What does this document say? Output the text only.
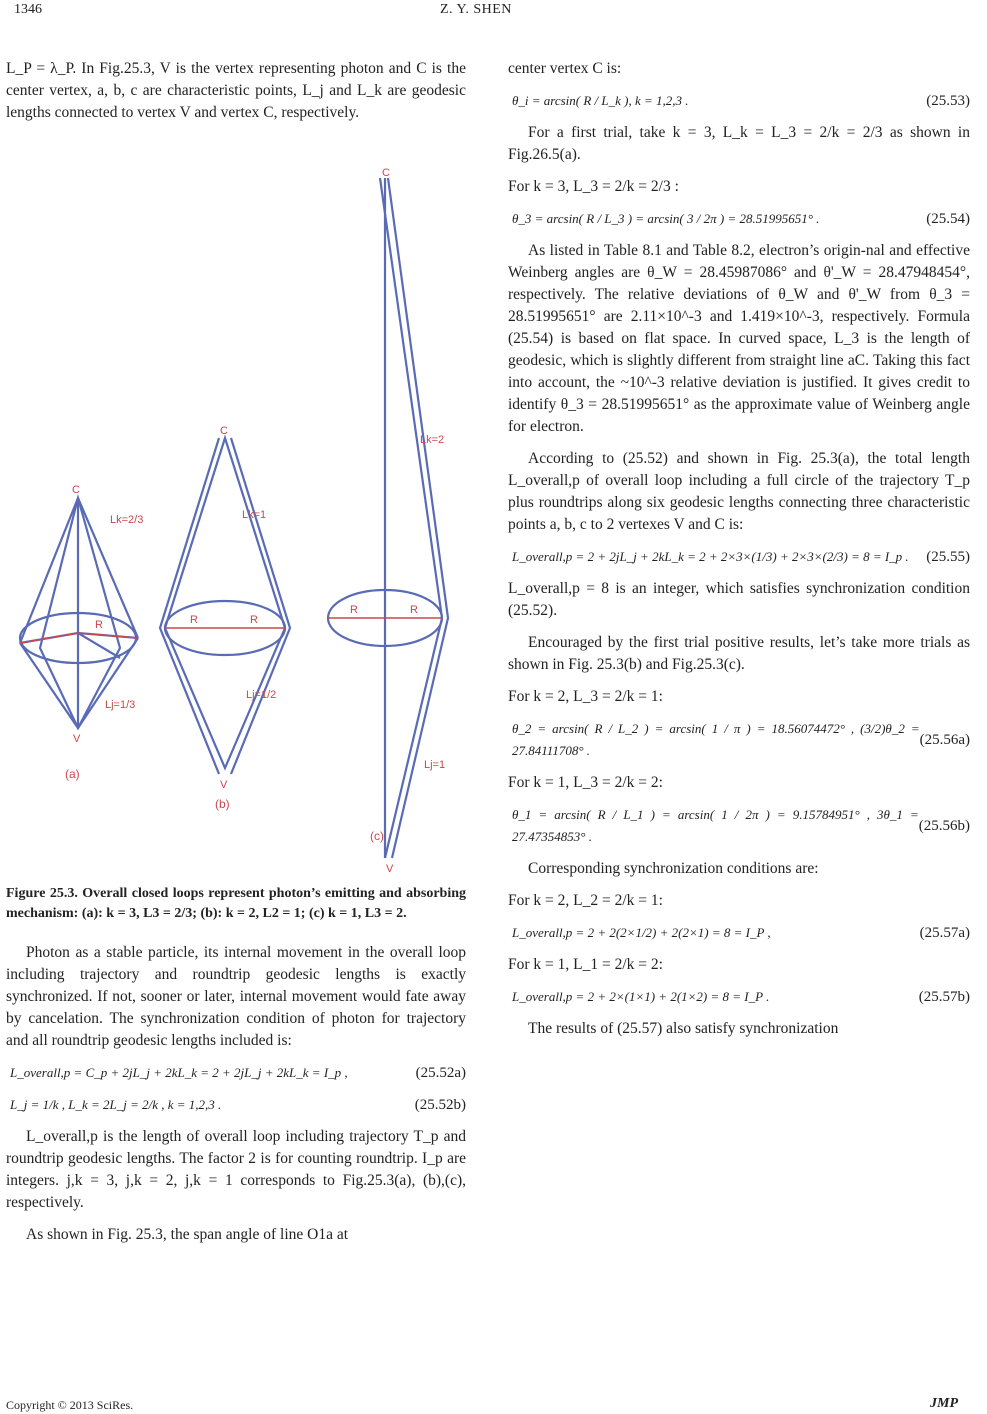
1346	Z. Y. SHEN

L_P = λ_P. In Fig.25.3, V is the vertex representing photon and C is the center vertex, a, b, c are characteristic points, L_j and L_k are geodesic lengths connected to vertex V and vertex C, respectively.

C
C
C
V
V
V
R	R	R
R	R
Lk=2/3	Lk=1
Lk=2
Lj=1/3
Lj=1/2
Lj=1
(a)
(b)
(c)

Figure 25.3. Overall closed loops represent photon’s emitting and absorbing mechanism: (a): k = 3, L3 = 2/3; (b): k = 2, L2 = 1; (c) k = 1, L3 = 2.

Photon as a stable particle, its internal movement in the overall loop including trajectory and roundtrip geodesic lengths is exactly synchronized. If not, sooner or later, internal movement would fate away by cancelation. The synchronization condition of photon for trajectory and all roundtrip geodesic lengths included is:

L_overall,p = C_p + 2jL_j + 2kL_k = 2 + 2jL_j + 2kL_k = I_p ,	(25.52a)
L_j = 1/k , L_k = 2L_j = 2/k , k = 1,2,3 .	(25.52b)

L_overall,p is the length of overall loop including trajectory T_p and roundtrip geodesic lengths. The factor 2 is for counting roundtrip. I_p are integers. j,k = 3, j,k = 2, j,k = 1 corresponds to Fig.25.3(a), (b),(c), respectively.

As shown in Fig. 25.3, the span angle of line O1a at

center vertex C is:

θ_i = arcsin( R / L_k ), k = 1,2,3 .	(25.53)

For a first trial, take k = 3, L_k = L_3 = 2/k = 2/3 as shown in Fig.26.5(a).

For k = 3, L_3 = 2/k = 2/3 :

θ_3 = arcsin( R / L_3 ) = arcsin( 3 / 2π ) = 28.51995651° .	(25.54)

As listed in Table 8.1 and Table 8.2, electron’s origin-nal and effective Weinberg angles are θ_W = 28.45987086° and θ'_W = 28.47948454°, respectively. The relative deviations of θ_W and θ'_W from θ_3 = 28.51995651° are 2.11×10^-3 and 1.419×10^-3, respectively. Formula (25.54) is based on flat space. In curved space, L_3 is the length of geodesic, which is slightly different from straight line aC. Taking this fact into account, the ~10^-3 relative deviation is justified. It gives credit to identify θ_3 = 28.51995651° as the approximate value of Weinberg angle for electron.

According to (25.52) and shown in Fig. 25.3(a), the total length L_overall,p of overall loop including a full circle of the trajectory T_p plus roundtrips along six geodesic lengths connecting three characteristic points a, b, c to 2 vertexes V and C is:

L_overall,p = 2 + 2jL_j + 2kL_k = 2 + 2×3×(1/3) + 2×3×(2/3) = 8 = I_p . (25.55)

L_overall,p = 8 is an integer, which satisfies synchronization condition (25.52).

Encouraged by the first trial positive results, let’s take more trials as shown in Fig. 25.3(b) and Fig.25.3(c).

For k = 2, L_3 = 2/k = 1:

θ_2 = arcsin( R / L_2 ) = arcsin( 1 / π ) = 18.56074472° , (3/2)θ_2 = 27.84111708° .
(25.56a)

For k = 1, L_3 = 2/k = 2:

θ_1 = arcsin( R / L_1 ) = arcsin( 1 / 2π ) = 9.15784951° , 3θ_1 = 27.47354853° .
(25.56b)

Corresponding synchronization conditions are:

For k = 2, L_2 = 2/k = 1:

L_overall,p = 2 + 2(2×1/2) + 2(2×1) = 8 = I_P ,	(25.57a)

For k = 1, L_1 = 2/k = 2:

L_overall,p = 2 + 2×(1×1) + 2(1×2) = 8 = I_P .	(25.57b)

The results of (25.57) also satisfy synchronization

Copyright © 2013 SciRes.	JMP
